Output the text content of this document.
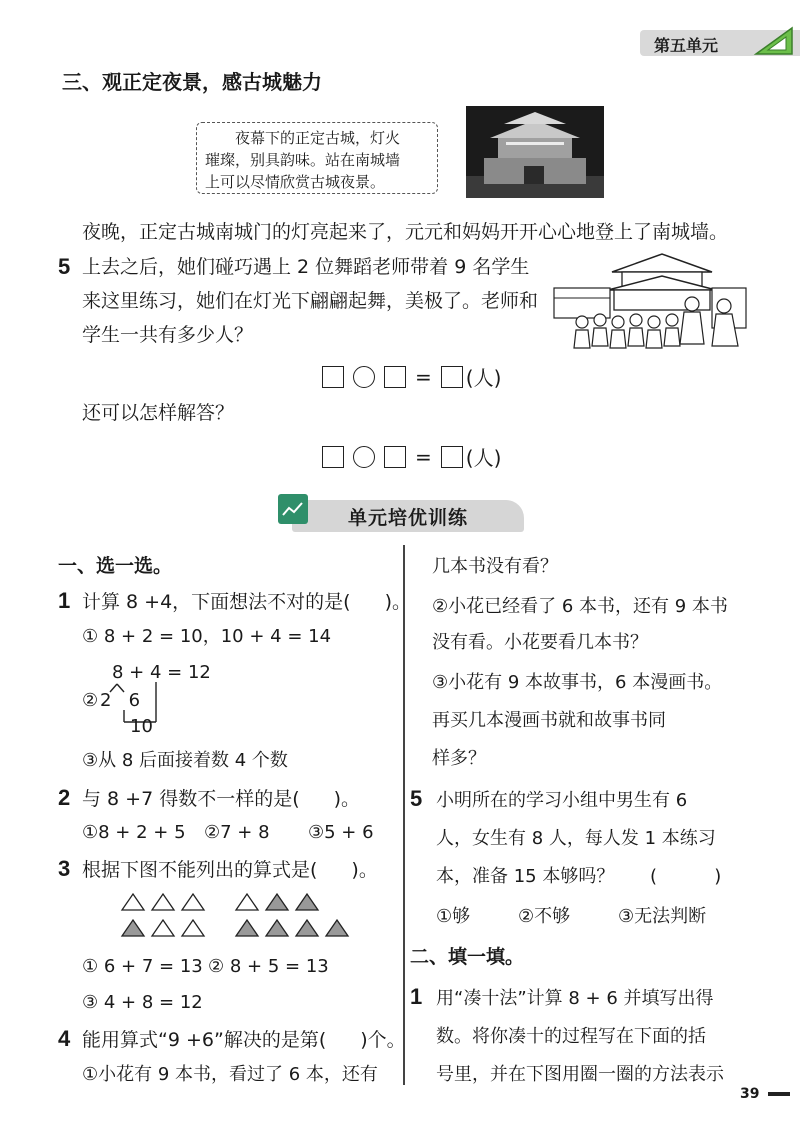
第五单元
三、观正定夜景，感古城魅力
夜幕下的正定古城，灯火
璀璨，别具韵味。站在南城墙
上可以尽情欣赏古城夜景。
夜晚，正定古城南城门的灯亮起来了，元元和妈妈开开心心地登上了南城墙。
5 上去之后，她们碰巧遇上 2 位舞蹈老师带着 9 名学生
来这里练习，她们在灯光下翩翩起舞，美极了。老师和
学生一共有多少人？
= (人)
还可以怎样解答？
= (人)
单元培优训练
一、选一选。
1 计算 8 +4，下面想法不对的是( )。
① 8 + 2 = 10，10 + 4 = 14
8 + 4 = 12
② 2   6
10
③从 8 后面接着数 4 个数
2 与 8 +7 得数不一样的是( )。
①8 + 2 + 5 ②7 + 8 ③5 + 6
3 根据下图不能列出的算式是( )。
① 6 + 7 = 13 ② 8 + 5 = 13
③ 4 + 8 = 12
4 能用算式“9 +6”解决的是第( )个。
①小花有 9 本书，看过了 6 本，还有
几本书没有看？
②小花已经看了 6 本书，还有 9 本书
没有看。小花要看几本书？
③小花有 9 本故事书，6 本漫画书。
再买几本漫画书就和故事书同
样多？
5 小明所在的学习小组中男生有 6
人，女生有 8 人，每人发 1 本练习
本，准备 15 本够吗？ (          )
①够	②不够	③无法判断
二、填一填。
1 用“凑十法”计算 8 + 6 并填写出得
数。将你凑十的过程写在下面的括
号里，并在下图用圈一圈的方法表示
39
